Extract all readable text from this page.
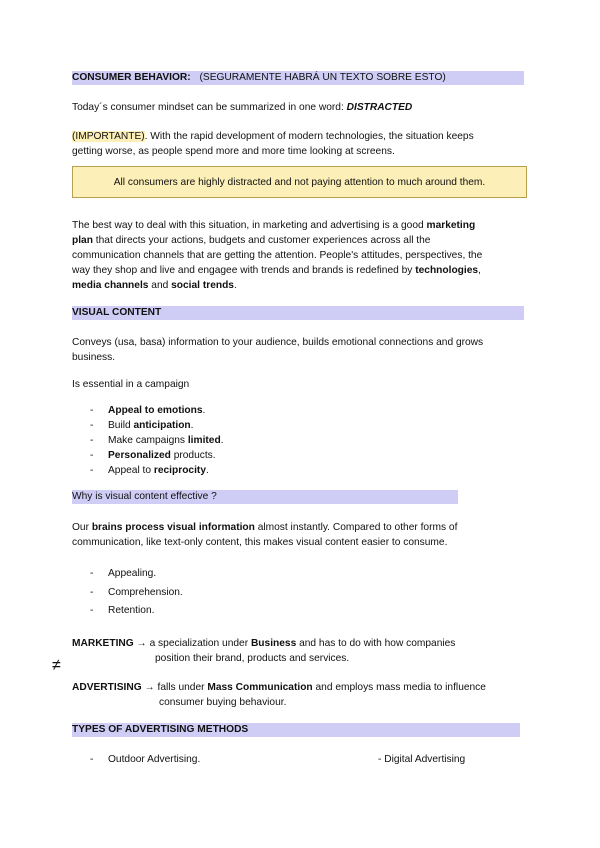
CONSUMER BEHAVIOR: (SEGURAMENTE HABRÁ UN TEXTO SOBRE ESTO)
Today´s consumer mindset can be summarized in one word: DISTRACTED
(IMPORTANTE). With the rapid development of modern technologies, the situation keeps
getting worse, as people spend more and more time looking at screens.
All consumers are highly distracted and not paying attention to much around them.
The best way to deal with this situation, in marketing and advertising is a good marketing
plan that directs your actions, budgets and customer experiences across all the
communication channels that are getting the attention. People's attitudes, perspectives, the
way they shop and live and engagee with trends and brands is redefined by technologies,
media channels and social trends.
VISUAL CONTENT
Conveys (usa, basa) information to your audience, builds emotional connections and grows
business.
Is essential in a campaign
- Appeal to emotions.
- Build anticipation.
- Make campaigns limited.
- Personalized products.
- Appeal to reciprocity.
Why is visual content effective ?
Our brains process visual information almost instantly. Compared to other forms of
communication, like text-only content, this makes visual content easier to consume.
- Appealing.
- Comprehension.
- Retention.
MARKETING → a specialization under Business and has to do with how companies
position their brand, products and services.
≠
ADVERTISING → falls under Mass Communication and employs mass media to influence
consumer buying behaviour.
TYPES OF ADVERTISING METHODS
- Outdoor Advertising.	- Digital Advertising
